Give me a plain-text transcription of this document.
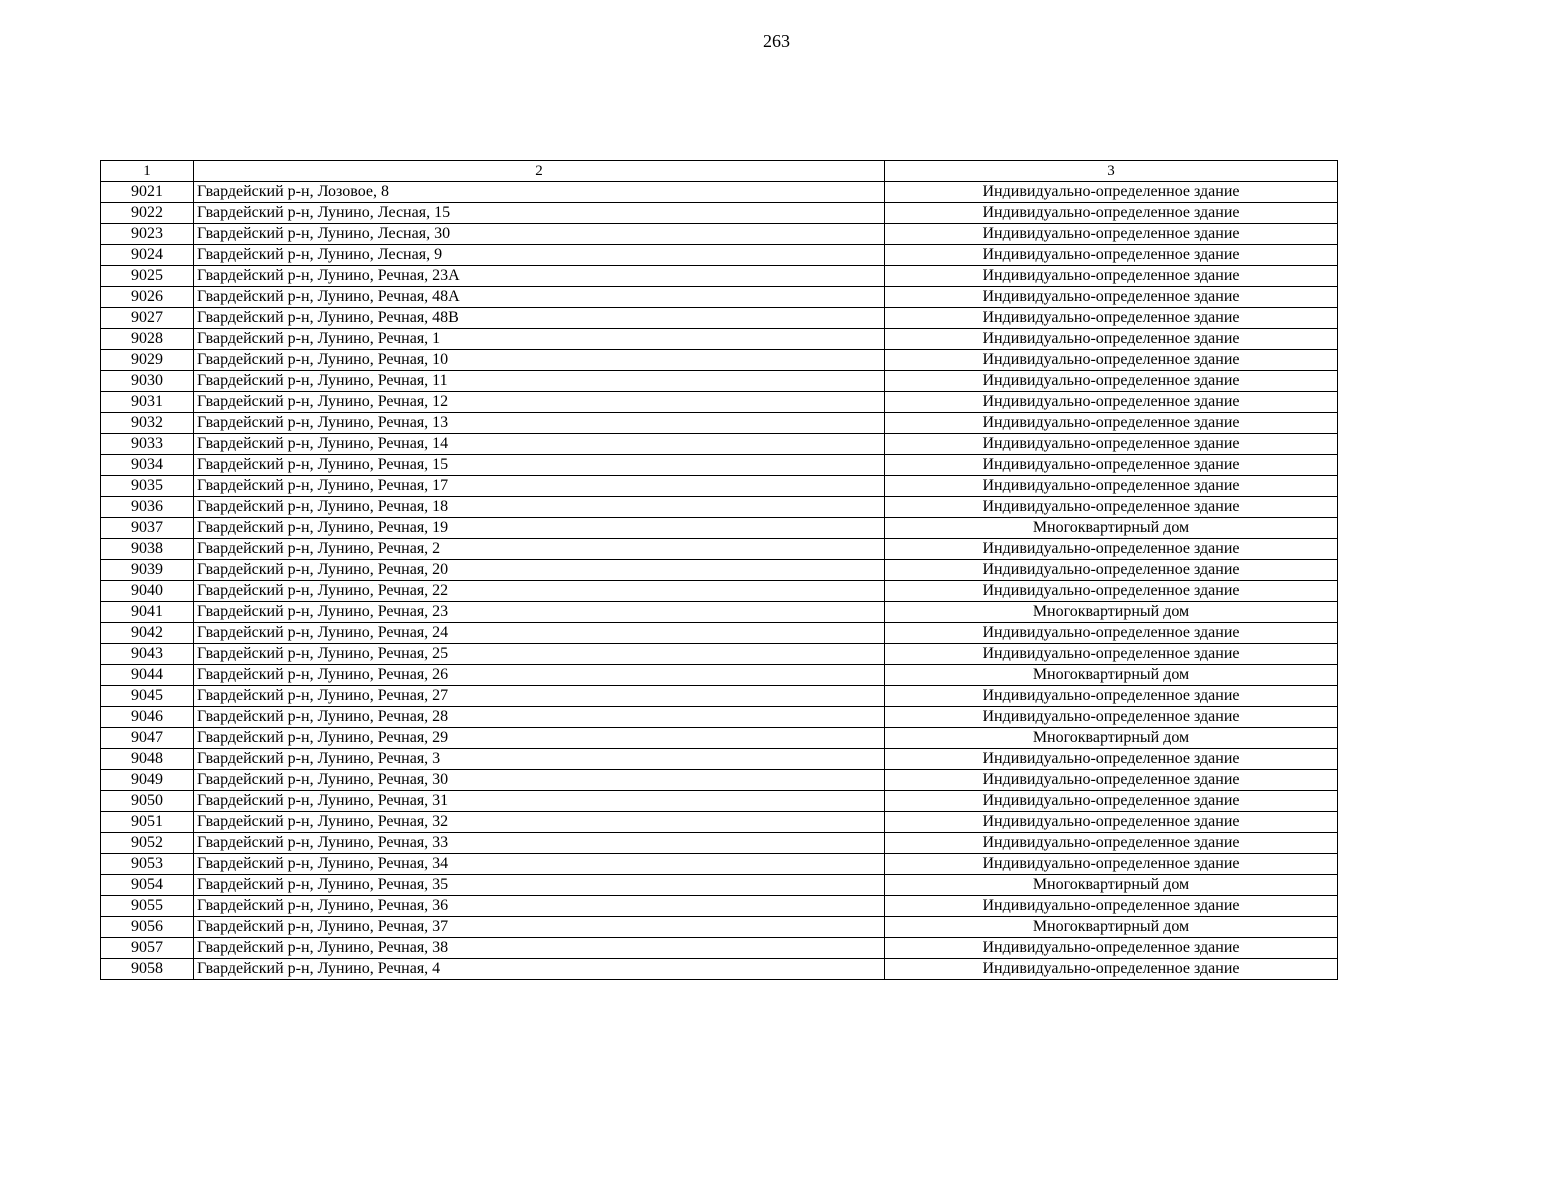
263
1	2	3
9021	Гвардейский р-н, Лозовое, 8	Индивидуально-определенное здание
9022	Гвардейский р-н, Лунино, Лесная, 15	Индивидуально-определенное здание
9023	Гвардейский р-н, Лунино, Лесная, 30	Индивидуально-определенное здание
9024	Гвардейский р-н, Лунино, Лесная, 9	Индивидуально-определенное здание
9025	Гвардейский р-н, Лунино, Речная, 23А	Индивидуально-определенное здание
9026	Гвардейский р-н, Лунино, Речная, 48А	Индивидуально-определенное здание
9027	Гвардейский р-н, Лунино, Речная, 48В	Индивидуально-определенное здание
9028	Гвардейский р-н, Лунино, Речная, 1	Индивидуально-определенное здание
9029	Гвардейский р-н, Лунино, Речная, 10	Индивидуально-определенное здание
9030	Гвардейский р-н, Лунино, Речная, 11	Индивидуально-определенное здание
9031	Гвардейский р-н, Лунино, Речная, 12	Индивидуально-определенное здание
9032	Гвардейский р-н, Лунино, Речная, 13	Индивидуально-определенное здание
9033	Гвардейский р-н, Лунино, Речная, 14	Индивидуально-определенное здание
9034	Гвардейский р-н, Лунино, Речная, 15	Индивидуально-определенное здание
9035	Гвардейский р-н, Лунино, Речная, 17	Индивидуально-определенное здание
9036	Гвардейский р-н, Лунино, Речная, 18	Индивидуально-определенное здание
9037	Гвардейский р-н, Лунино, Речная, 19	Многоквартирный дом
9038	Гвардейский р-н, Лунино, Речная, 2	Индивидуально-определенное здание
9039	Гвардейский р-н, Лунино, Речная, 20	Индивидуально-определенное здание
9040	Гвардейский р-н, Лунино, Речная, 22	Индивидуально-определенное здание
9041	Гвардейский р-н, Лунино, Речная, 23	Многоквартирный дом
9042	Гвардейский р-н, Лунино, Речная, 24	Индивидуально-определенное здание
9043	Гвардейский р-н, Лунино, Речная, 25	Индивидуально-определенное здание
9044	Гвардейский р-н, Лунино, Речная, 26	Многоквартирный дом
9045	Гвардейский р-н, Лунино, Речная, 27	Индивидуально-определенное здание
9046	Гвардейский р-н, Лунино, Речная, 28	Индивидуально-определенное здание
9047	Гвардейский р-н, Лунино, Речная, 29	Многоквартирный дом
9048	Гвардейский р-н, Лунино, Речная, 3	Индивидуально-определенное здание
9049	Гвардейский р-н, Лунино, Речная, 30	Индивидуально-определенное здание
9050	Гвардейский р-н, Лунино, Речная, 31	Индивидуально-определенное здание
9051	Гвардейский р-н, Лунино, Речная, 32	Индивидуально-определенное здание
9052	Гвардейский р-н, Лунино, Речная, 33	Индивидуально-определенное здание
9053	Гвардейский р-н, Лунино, Речная, 34	Индивидуально-определенное здание
9054	Гвардейский р-н, Лунино, Речная, 35	Многоквартирный дом
9055	Гвардейский р-н, Лунино, Речная, 36	Индивидуально-определенное здание
9056	Гвардейский р-н, Лунино, Речная, 37	Многоквартирный дом
9057	Гвардейский р-н, Лунино, Речная, 38	Индивидуально-определенное здание
9058	Гвардейский р-н, Лунино, Речная, 4	Индивидуально-определенное здание
